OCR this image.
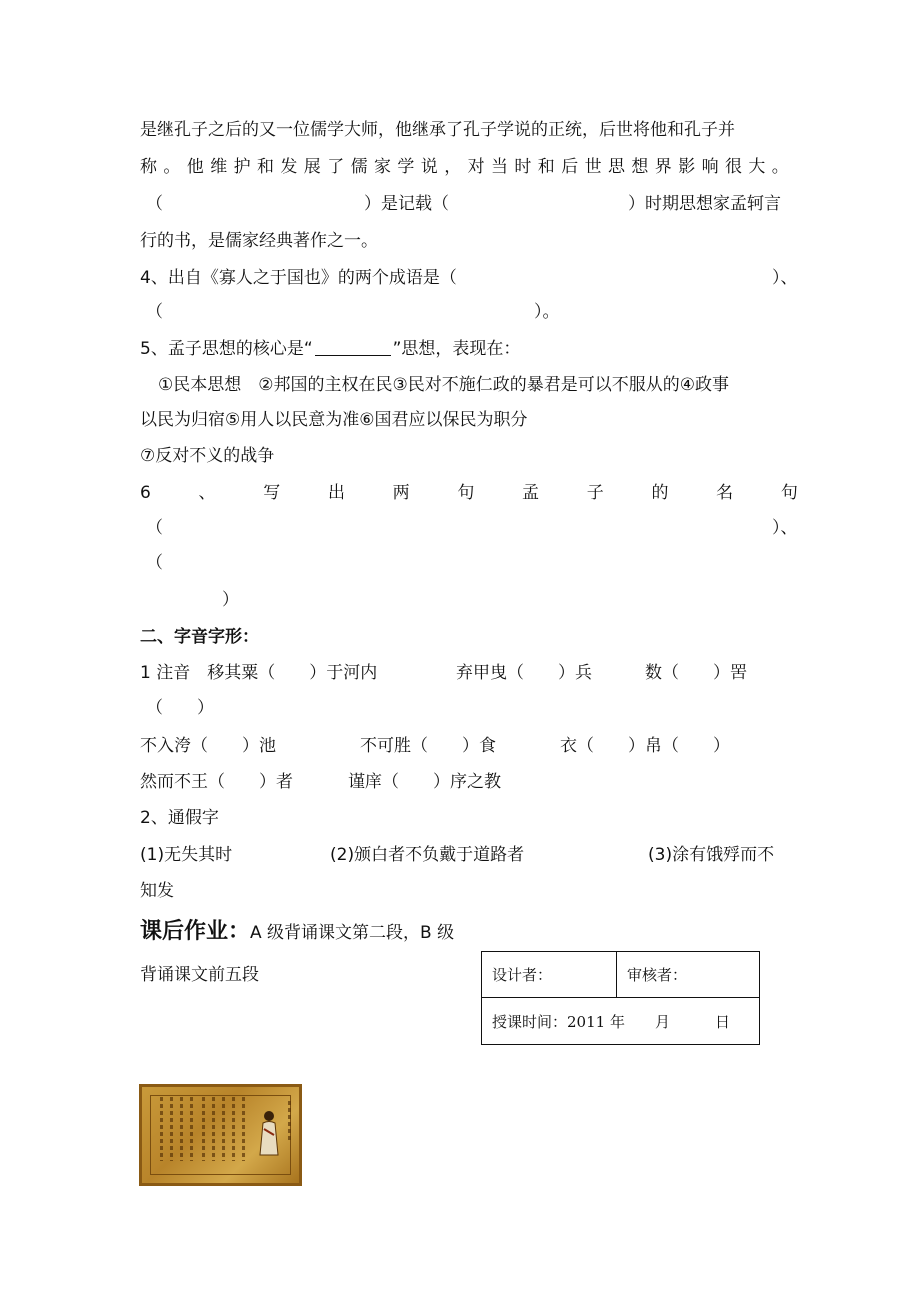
是继孔子之后的又一位儒学大师，他继承了孔子学说的正统，后世将他和孔子并
称。他维护和发展了儒家学说，对当时和后世思想界影响很大。
（	）是记载（	）时期思想家孟轲言
行的书，是儒家经典著作之一。
4、出自《寡人之于国也》的两个成语是（	）、
（	）。
5、孟子思想的核心是“	”思想，表现在：
①民本思想　②邦国的主权在民③民对不施仁政的暴君是可以不服从的④政事
以民为归宿⑤用人以民意为准⑥国君应以保民为职分
⑦反对不义的战争
6	、	写	出	两	句	孟	子	的	名	句
（	）、
（
）
二、字音字形：
1 注音　移其粟（　　）于河内	弃甲曳（　　）兵	数（　　）罟
（　　）
不入洿（　　）池	不可胜（　　）食	衣（　　）帛（　　）
然而不王（　　）者	谨庠（　　）序之教
2、通假字
(1)无失其时	(2)颁白者不负戴于道路者	(3)涂有饿殍而不
知发
课后作业：A 级背诵课文第二段，B 级
背诵课文前五段	设计者：	审核者：
授课时间：2011 年　　月　　　日
